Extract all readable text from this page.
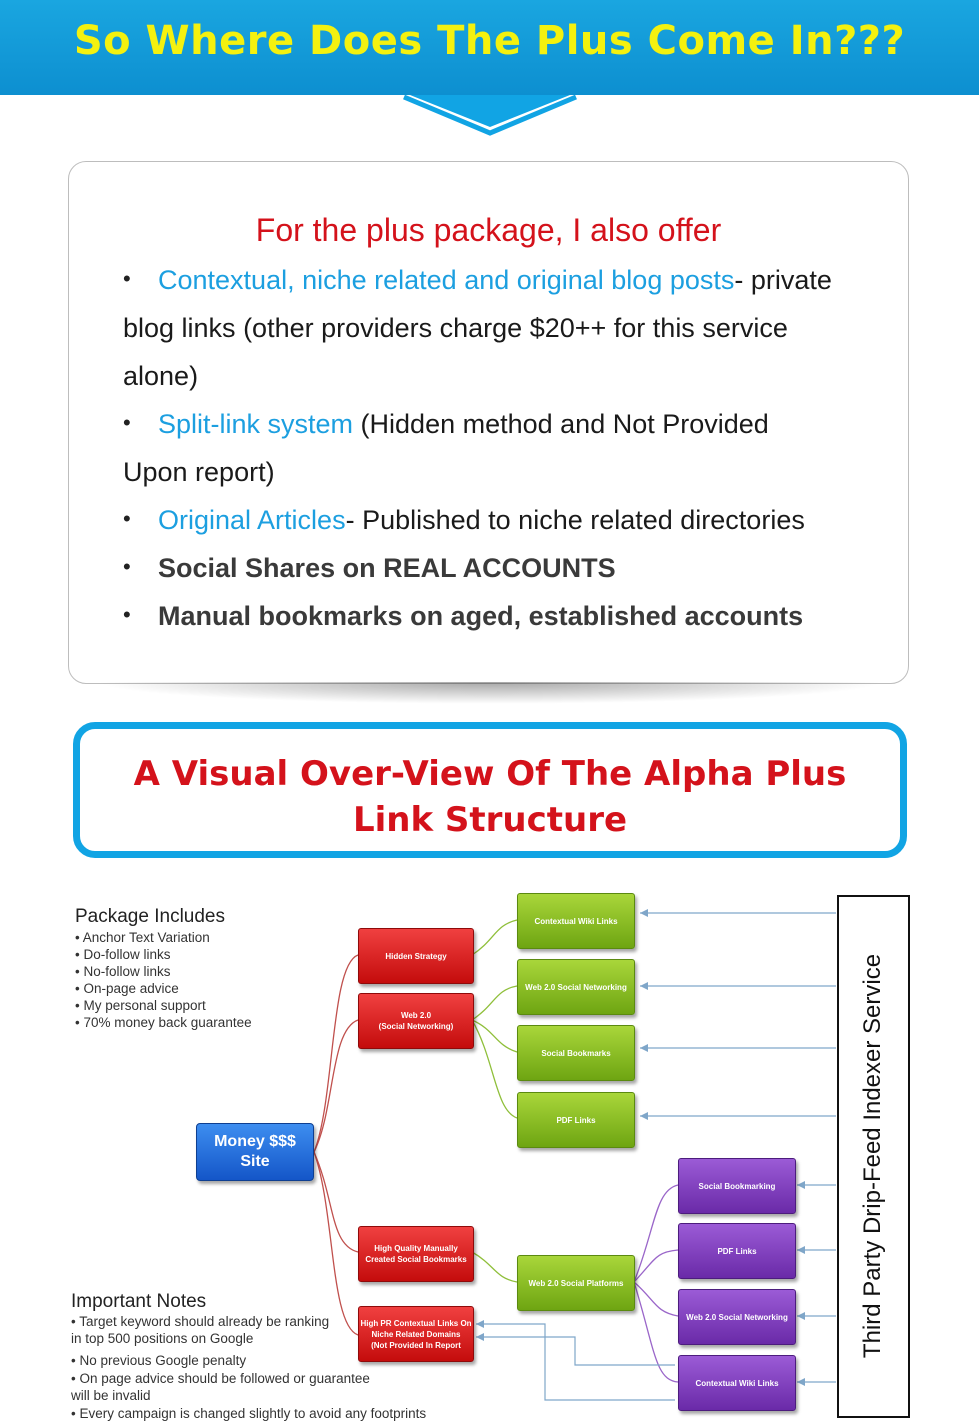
So Where Does The Plus Come In???
For the plus package, I also offer
•	Contextual, niche related and original blog posts- private
blog links (other providers charge $20++ for this service
alone)
•	Split-link system (Hidden method and Not Provided
Upon report)
•	Original Articles- Published to niche related directories
•	Social Shares on REAL ACCOUNTS
•	Manual bookmarks on aged, established accounts
A Visual Over-View Of The Alpha Plus
Link Structure
Package Includes
• Anchor Text Variation
• Do-follow links
• No-follow links
• On-page advice
• My personal support
• 70% money back guarantee
Important Notes
• Target keyword should already be ranking
in top 500 positions on Google
• No previous Google penalty
• On page advice should be followed or guarantee
will be invalid
• Every campaign is changed slightly to avoid any footprints
Money $$$
Site
Hidden Strategy
Web 2.0
(Social Networking)
High Quality Manually
Created Social Bookmarks
High PR Contextual Links On
Niche Related Domains
(Not Provided In Report
Contextual Wiki Links
Web 2.0 Social Networking
Social Bookmarks
PDF Links
Web 2.0 Social Platforms
Social Bookmarking
PDF Links
Web 2.0 Social Networking
Contextual Wiki Links
Third Party Drip-Feed Indexer Service
